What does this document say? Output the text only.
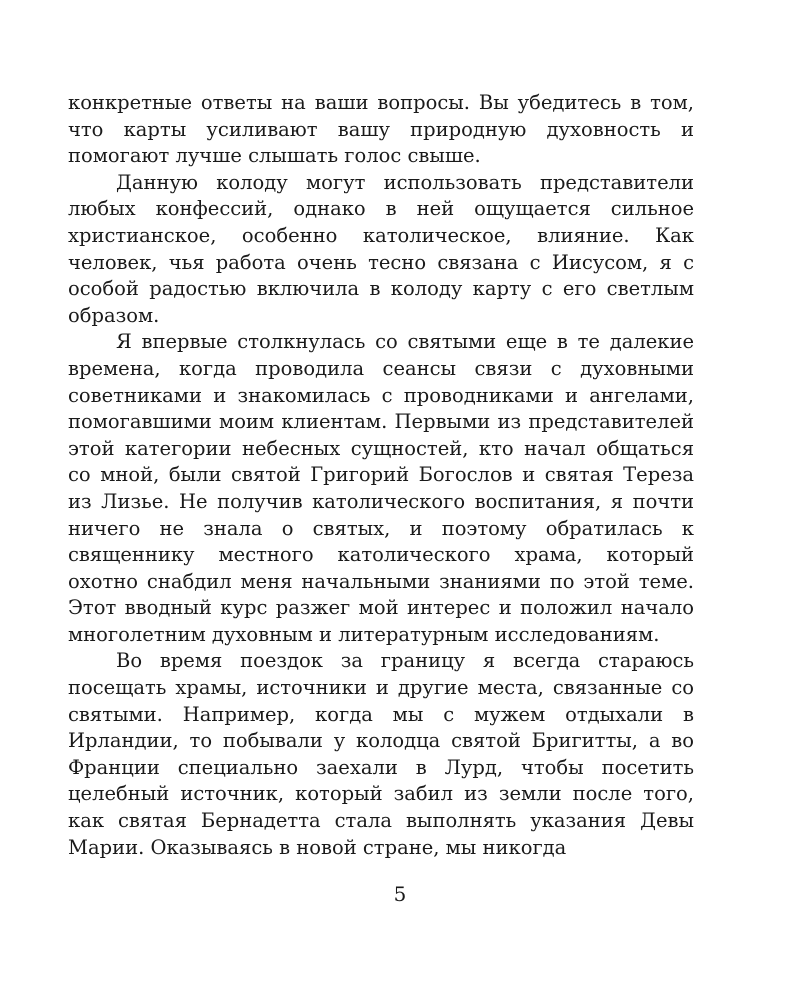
конкретные ответы на ваши вопросы. Вы убедитесь в том, что карты усиливают вашу природную духовность и помогают лучше слышать голос свыше.

Данную колоду могут использовать представители любых конфессий, однако в ней ощущается сильное христианское, особенно католическое, влияние. Как человек, чья работа очень тесно связана с Иисусом, я с особой радостью включила в колоду карту с его светлым образом.

Я впервые столкнулась со святыми еще в те далекие времена, когда проводила сеансы связи с духовными советниками и знакомилась с проводниками и ангелами, помогавшими моим клиентам. Первыми из представителей этой категории небесных сущностей, кто начал общаться со мной, были святой Григорий Богослов и святая Тереза из Лизье. Не получив католического воспитания, я почти ничего не знала о святых, и поэтому обратилась к священнику местного католического храма, который охотно снабдил меня начальными знаниями по этой теме. Этот вводный курс разжег мой интерес и положил начало многолетним духовным и литературным исследованиям.

Во время поездок за границу я всегда стараюсь посещать храмы, источники и другие места, связанные со святыми. Например, когда мы с мужем отдыхали в Ирландии, то побывали у колодца святой Бригитты, а во Франции специально заехали в Лурд, чтобы посетить целебный источник, который забил из земли после того, как святая Бернадетта стала выполнять указания Девы Марии. Оказываясь в новой стране, мы никогда

5
